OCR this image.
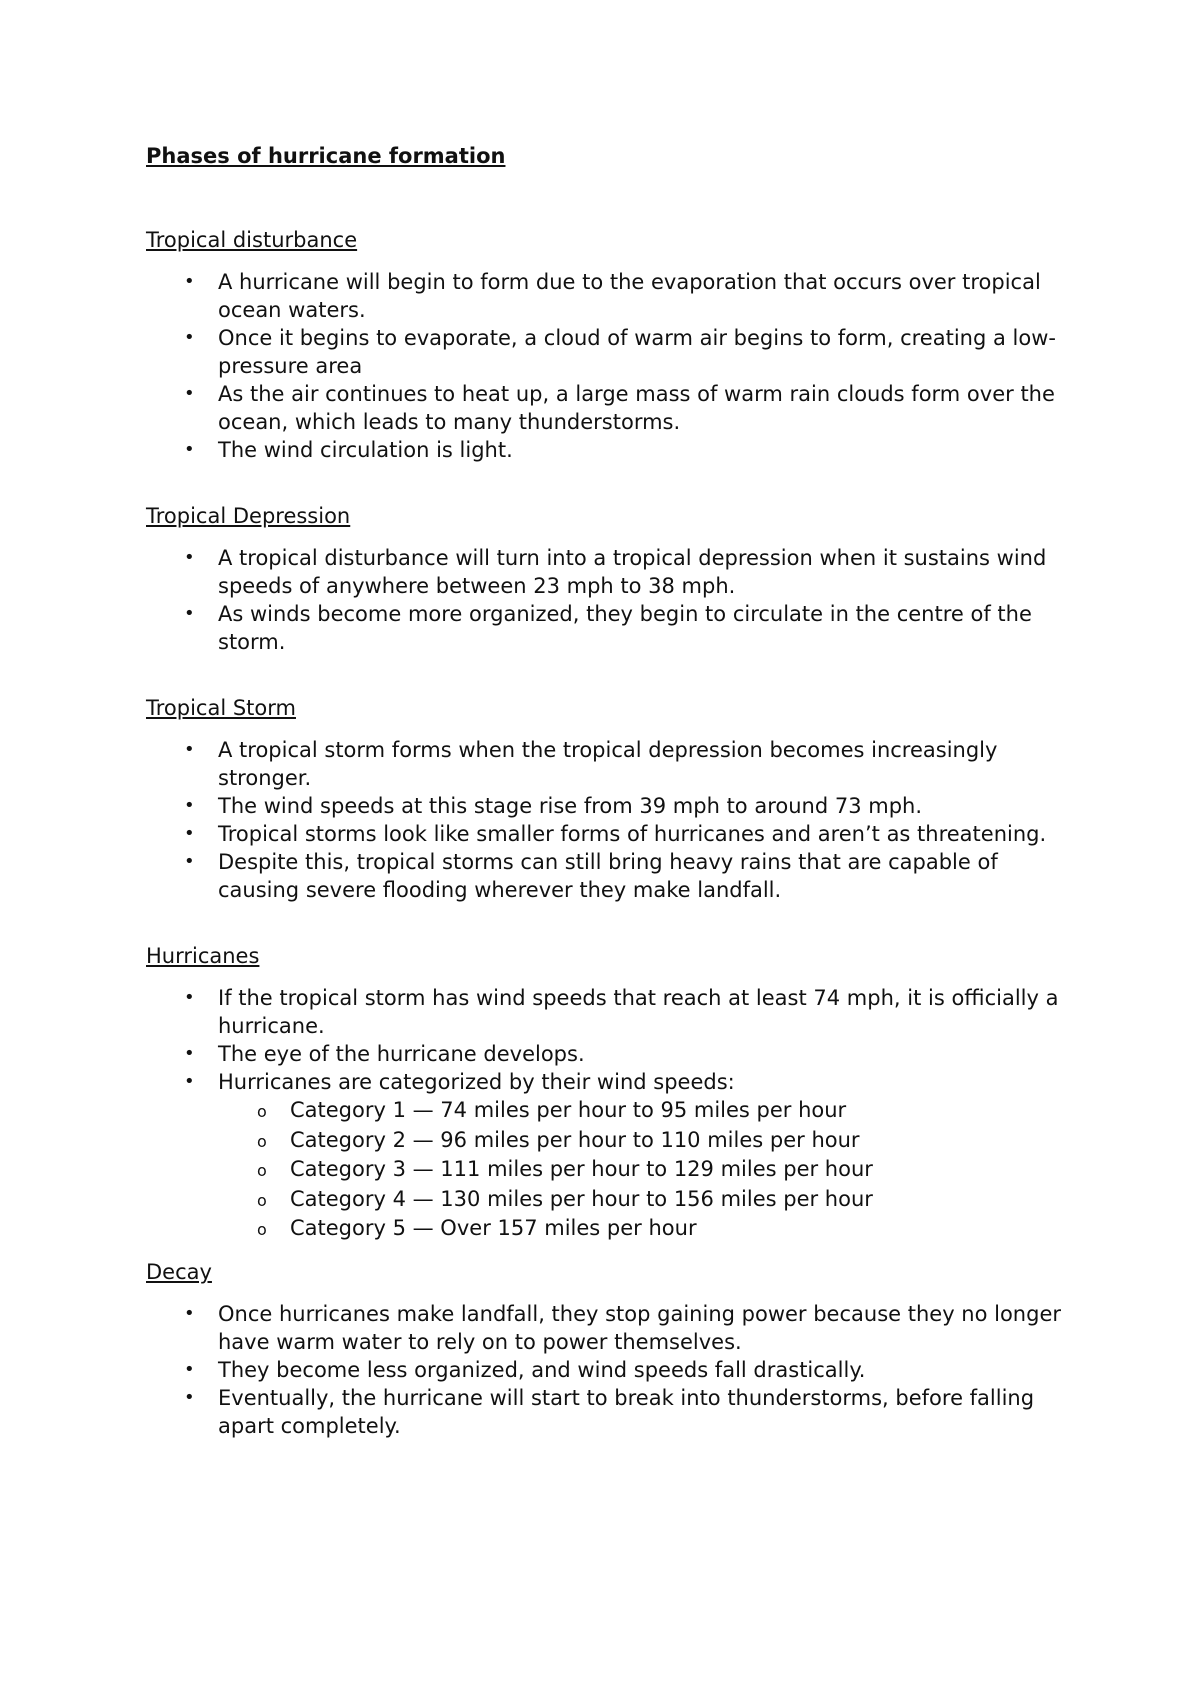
Phases of hurricane formation

Tropical disturbance

• A hurricane will begin to form due to the evaporation that occurs over tropical ocean waters.
• Once it begins to evaporate, a cloud of warm air begins to form, creating a low-pressure area
• As the air continues to heat up, a large mass of warm rain clouds form over the ocean, which leads to many thunderstorms.
• The wind circulation is light.

Tropical Depression

• A tropical disturbance will turn into a tropical depression when it sustains wind speeds of anywhere between 23 mph to 38 mph.
• As winds become more organized, they begin to circulate in the centre of the storm.

Tropical Storm

• A tropical storm forms when the tropical depression becomes increasingly stronger.
• The wind speeds at this stage rise from 39 mph to around 73 mph.
• Tropical storms look like smaller forms of hurricanes and aren’t as threatening.
• Despite this, tropical storms can still bring heavy rains that are capable of causing severe flooding wherever they make landfall.

Hurricanes

• If the tropical storm has wind speeds that reach at least 74 mph, it is officially a hurricane.
• The eye of the hurricane develops.
• Hurricanes are categorized by their wind speeds:
o Category 1 — 74 miles per hour to 95 miles per hour
o Category 2 — 96 miles per hour to 110 miles per hour
o Category 3 — 111 miles per hour to 129 miles per hour
o Category 4 — 130 miles per hour to 156 miles per hour
o Category 5 — Over 157 miles per hour

Decay

• Once hurricanes make landfall, they stop gaining power because they no longer have warm water to rely on to power themselves.
• They become less organized, and wind speeds fall drastically.
• Eventually, the hurricane will start to break into thunderstorms, before falling apart completely.
